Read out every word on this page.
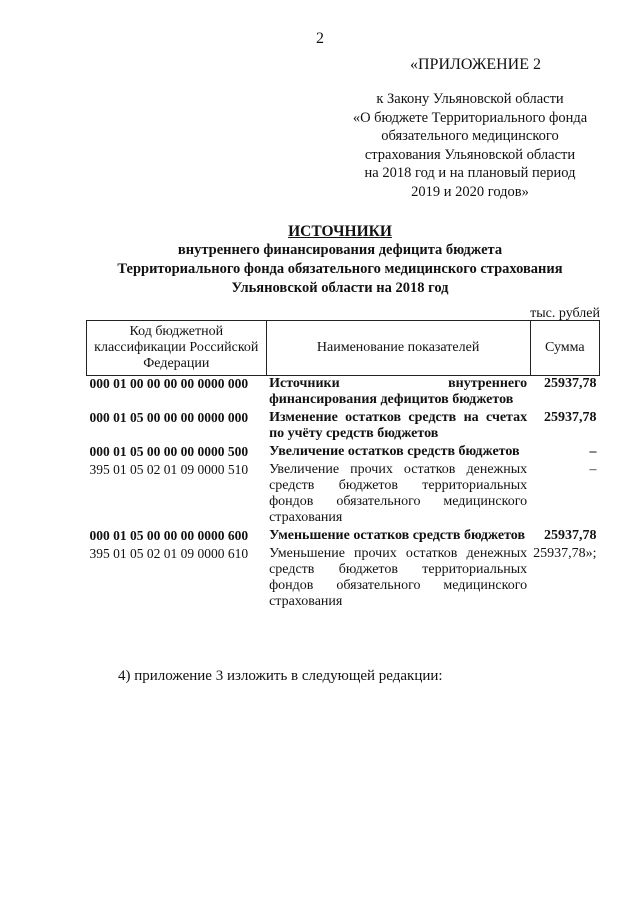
2
«ПРИЛОЖЕНИЕ 2
к Закону Ульяновской области
«О бюджете Территориального фонда
обязательного медицинского
страхования Ульяновской области
на 2018 год и на плановый период
2019 и 2020 годов»
ИСТОЧНИКИ
внутреннего финансирования дефицита бюджета
Территориального фонда обязательного медицинского страхования
Ульяновской области на 2018 год
тыс. рублей
Код бюджетной классификации Российской Федерации	Наименование показателей	Сумма
000 01 00 00 00 00 0000 000	Источники внутреннего финансирования дефицитов бюджетов	25937,78
000 01 05 00 00 00 0000 000	Изменение остатков средств на счетах по учёту средств бюджетов	25937,78
000 01 05 00 00 00 0000 500	Увеличение остатков средств бюджетов	–
395 01 05 02 01 09 0000 510	Увеличение прочих остатков денежных средств бюджетов территориальных фондов обязательного медицинского страхования	–
000 01 05 00 00 00 0000 600	Уменьшение остатков средств бюджетов	25937,78
395 01 05 02 01 09 0000 610	Уменьшение прочих остатков денежных средств бюджетов территориальных фондов обязательного медицинского страхования	25937,78»;
4) приложение 3 изложить в следующей редакции:
